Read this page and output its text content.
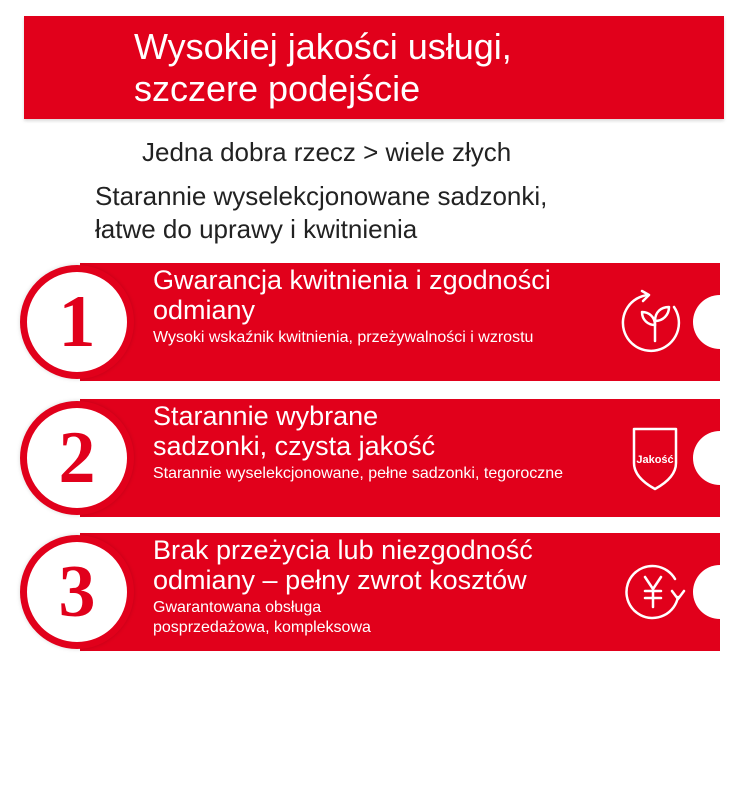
Wysokiej jakości usługi,
szczere podejście
Jedna dobra rzecz > wiele złych
Starannie wyselekcjonowane sadzonki,
łatwe do uprawy i kwitnienia
1
Gwarancja kwitnienia i zgodności odmiany
Wysoki wskaźnik kwitnienia, przeżywalności i wzrostu
2
Starannie wybrane
sadzonki, czysta jakość
Starannie wyselekcjonowane, pełne sadzonki, tegoroczne
Jakość
3
Brak przeżycia lub niezgodność odmiany – pełny zwrot kosztów
Gwarantowana obsługa
posprzedażowa, kompleksowa
